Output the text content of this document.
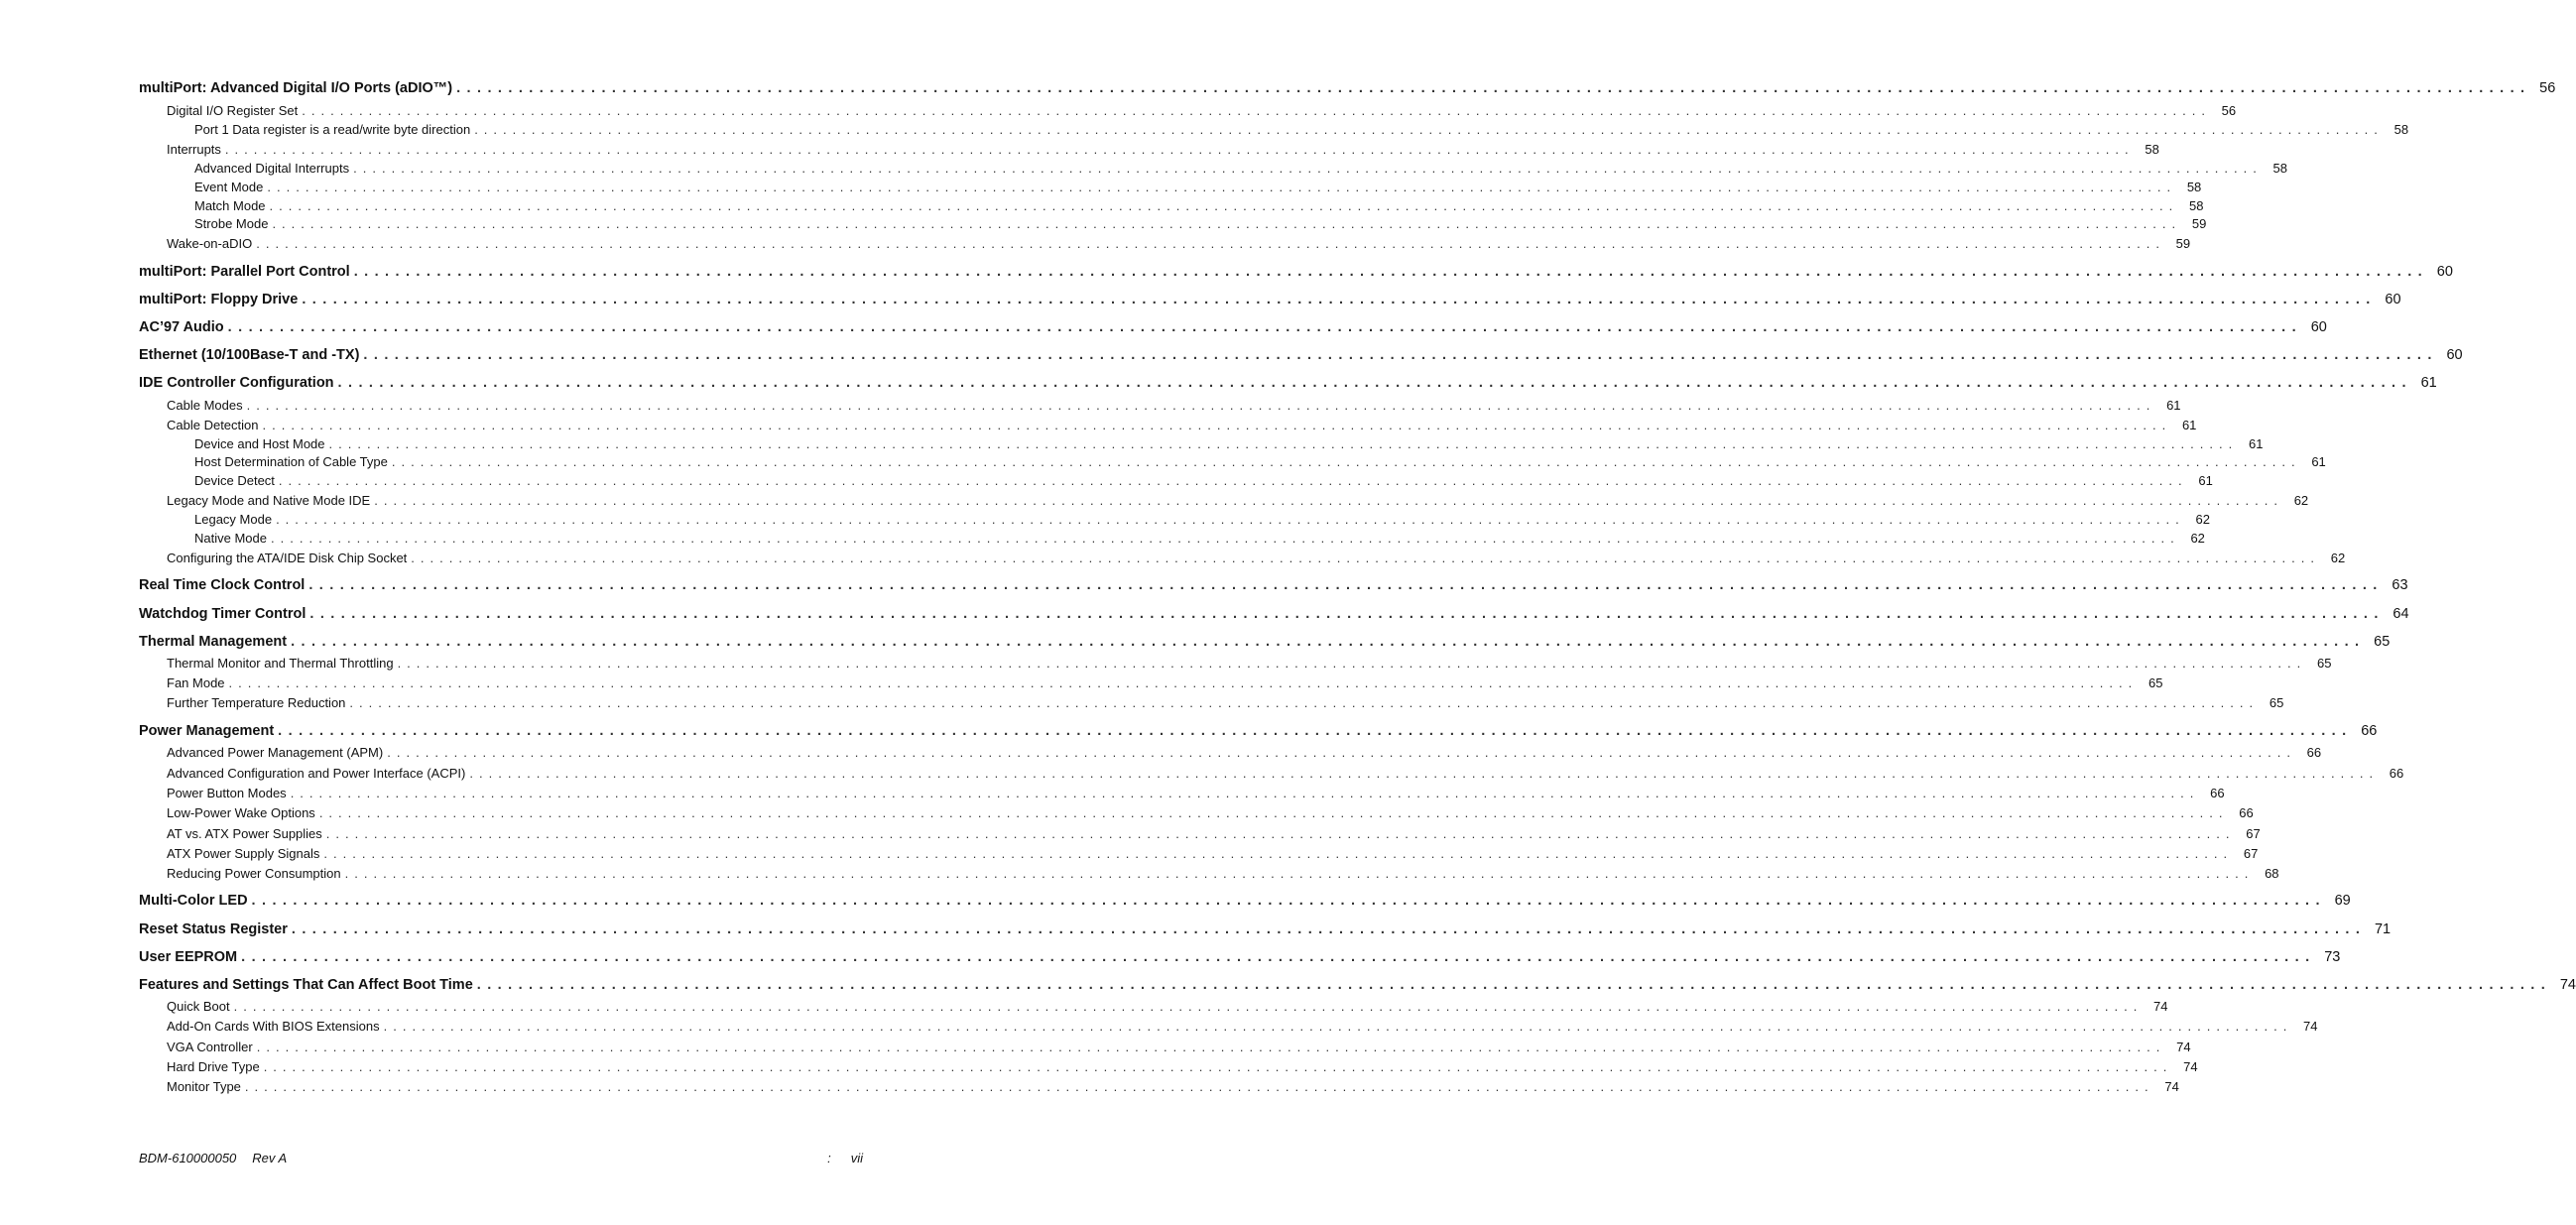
multiPort: Advanced Digital I/O Ports (aDIO™) . . . . . . . . . . . . . . . . . . . . . . . . . . . . . . . . . . . . . . . . . . . . . . . . . . . . . . . . . . . . . . . . . . . . . . . . . . . . . . . . . . . . . . . . . . . . . . . . . . . . . . . . . . . . . . . . . . . . . . . . . . . . . . . . . . . . . . . . . . . . . . . . . . . . . . . . . . . . . . . . . . . . . . . . . . . . . . . . . . . . . . . . . . . . . . . . . . . . . . . . 56
Digital I/O Register Set . . . . . . . . . . . . . . . . . . . . . . . . . . . . . . . . . . . . . . . . . . . . . . . . . . . . . . . . . . . . . . . . . . . . . . . . . . . . . . . . . . . . . . . . . . . . . . . . . . . . . . . . . . . . . . . . . . . . . . . . . . . . . . . . . . . . . . . . . . . . . . . . . . . . . . . . . . . . . . . . . . . . . . . . . . . . . . . . . . . . . . . . . . . . . . . . . . . . . . . .	56
Port 1 Data register is a read/write byte direction . . . . . . . . . . . . . . . . . . . . . . . . . . . . . . . . . . . . . . . . . . . . . . . . . . . . . . . . . . . . . . . . . . . . . . . . . . . . . . . . . . . . . . . . . . . . . . . . . . . . . . . . . . . . . . . . . . . . . . . . . . . . . . . . . . . . . . . . . . . . . . . . . . . . . . . . . . . . . . . . . . . . . . . . . . . . . . . . . . . . . . . . . . . . . . . . . . . . . . . .	58
Interrupts . . . . . . . . . . . . . . . . . . . . . . . . . . . . . . . . . . . . . . . . . . . . . . . . . . . . . . . . . . . . . . . . . . . . . . . . . . . . . . . . . . . . . . . . . . . . . . . . . . . . . . . . . . . . . . . . . . . . . . . . . . . . . . . . . . . . . . . . . . . . . . . . . . . . . . . . . . . . . . . . . . . . . . . . . . . . . . . . . . . . . . . . . . . . . . . . . . . . . . . .	58
Advanced Digital Interrupts . . . . . . . . . . . . . . . . . . . . . . . . . . . . . . . . . . . . . . . . . . . . . . . . . . . . . . . . . . . . . . . . . . . . . . . . . . . . . . . . . . . . . . . . . . . . . . . . . . . . . . . . . . . . . . . . . . . . . . . . . . . . . . . . . . . . . . . . . . . . . . . . . . . . . . . . . . . . . . . . . . . . . . . . . . . . . . . . . . . . . . . . . . . . . . . . . . . . . . . .	58
Event Mode . . . . . . . . . . . . . . . . . . . . . . . . . . . . . . . . . . . . . . . . . . . . . . . . . . . . . . . . . . . . . . . . . . . . . . . . . . . . . . . . . . . . . . . . . . . . . . . . . . . . . . . . . . . . . . . . . . . . . . . . . . . . . . . . . . . . . . . . . . . . . . . . . . . . . . . . . . . . . . . . . . . . . . . . . . . . . . . . . . . . . . . . . . . . . . . . . . . . . . . .	58
Match Mode . . . . . . . . . . . . . . . . . . . . . . . . . . . . . . . . . . . . . . . . . . . . . . . . . . . . . . . . . . . . . . . . . . . . . . . . . . . . . . . . . . . . . . . . . . . . . . . . . . . . . . . . . . . . . . . . . . . . . . . . . . . . . . . . . . . . . . . . . . . . . . . . . . . . . . . . . . . . . . . . . . . . . . . . . . . . . . . . . . . . . . . . . . . . . . . . . . . . . . . .	58
Strobe Mode . . . . . . . . . . . . . . . . . . . . . . . . . . . . . . . . . . . . . . . . . . . . . . . . . . . . . . . . . . . . . . . . . . . . . . . . . . . . . . . . . . . . . . . . . . . . . . . . . . . . . . . . . . . . . . . . . . . . . . . . . . . . . . . . . . . . . . . . . . . . . . . . . . . . . . . . . . . . . . . . . . . . . . . . . . . . . . . . . . . . . . . . . . . . . . . . . . . . . . . .	59
Wake-on-aDIO . . . . . . . . . . . . . . . . . . . . . . . . . . . . . . . . . . . . . . . . . . . . . . . . . . . . . . . . . . . . . . . . . . . . . . . . . . . . . . . . . . . . . . . . . . . . . . . . . . . . . . . . . . . . . . . . . . . . . . . . . . . . . . . . . . . . . . . . . . . . . . . . . . . . . . . . . . . . . . . . . . . . . . . . . . . . . . . . . . . . . . . . . . . . . . . . . . . . . . . .	59
multiPort: Parallel Port Control . . . . . . . . . . . . . . . . . . . . . . . . . . . . . . . . . . . . . . . . . . . . . . . . . . . . . . . . . . . . . . . . . . . . . . . . . . . . . . . . . . . . . . . . . . . . . . . . . . . . . . . . . . . . . . . . . . . . . . . . . . . . . . . . . . . . . . . . . . . . . . . . . . . . . . . . . . . . . . . . . . . . . . . . . . . . . . . . . . . . . . . . . . . . . . . . . . . . . . . . 60
multiPort: Floppy Drive . . . . . . . . . . . . . . . . . . . . . . . . . . . . . . . . . . . . . . . . . . . . . . . . . . . . . . . . . . . . . . . . . . . . . . . . . . . . . . . . . . . . . . . . . . . . . . . . . . . . . . . . . . . . . . . . . . . . . . . . . . . . . . . . . . . . . . . . . . . . . . . . . . . . . . . . . . . . . . . . . . . . . . . . . . . . . . . . . . . . . . . . . . . . . . . . . . . . . . . . 60
AC’97 Audio . . . . . . . . . . . . . . . . . . . . . . . . . . . . . . . . . . . . . . . . . . . . . . . . . . . . . . . . . . . . . . . . . . . . . . . . . . . . . . . . . . . . . . . . . . . . . . . . . . . . . . . . . . . . . . . . . . . . . . . . . . . . . . . . . . . . . . . . . . . . . . . . . . . . . . . . . . . . . . . . . . . . . . . . . . . . . . . . . . . . . . . . . . . . . . . . . . . . . . . . 60
Ethernet (10/100Base-T and -TX) . . . . . . . . . . . . . . . . . . . . . . . . . . . . . . . . . . . . . . . . . . . . . . . . . . . . . . . . . . . . . . . . . . . . . . . . . . . . . . . . . . . . . . . . . . . . . . . . . . . . . . . . . . . . . . . . . . . . . . . . . . . . . . . . . . . . . . . . . . . . . . . . . . . . . . . . . . . . . . . . . . . . . . . . . . . . . . . . . . . . . . . . . . . . . . . . . . . . . . . . 60
IDE Controller Configuration . . . . . . . . . . . . . . . . . . . . . . . . . . . . . . . . . . . . . . . . . . . . . . . . . . . . . . . . . . . . . . . . . . . . . . . . . . . . . . . . . . . . . . . . . . . . . . . . . . . . . . . . . . . . . . . . . . . . . . . . . . . . . . . . . . . . . . . . . . . . . . . . . . . . . . . . . . . . . . . . . . . . . . . . . . . . . . . . . . . . . . . . . . . . . . . . . . . . . . . . 61
Cable Modes . . . . . . . . . . . . . . . . . . . . . . . . . . . . . . . . . . . . . . . . . . . . . . . . . . . . . . . . . . . . . . . . . . . . . . . . . . . . . . . . . . . . . . . . . . . . . . . . . . . . . . . . . . . . . . . . . . . . . . . . . . . . . . . . . . . . . . . . . . . . . . . . . . . . . . . . . . . . . . . . . . . . . . . . . . . . . . . . . . . . . . . . . . . . . . . . . . . . . . . .	61
Cable Detection . . . . . . . . . . . . . . . . . . . . . . . . . . . . . . . . . . . . . . . . . . . . . . . . . . . . . . . . . . . . . . . . . . . . . . . . . . . . . . . . . . . . . . . . . . . . . . . . . . . . . . . . . . . . . . . . . . . . . . . . . . . . . . . . . . . . . . . . . . . . . . . . . . . . . . . . . . . . . . . . . . . . . . . . . . . . . . . . . . . . . . . . . . . . . . . . . . . . . . . .	61
Device and Host Mode . . . . . . . . . . . . . . . . . . . . . . . . . . . . . . . . . . . . . . . . . . . . . . . . . . . . . . . . . . . . . . . . . . . . . . . . . . . . . . . . . . . . . . . . . . . . . . . . . . . . . . . . . . . . . . . . . . . . . . . . . . . . . . . . . . . . . . . . . . . . . . . . . . . . . . . . . . . . . . . . . . . . . . . . . . . . . . . . . . . . . . . . . . . . . . . . . . . . . . . .	61
Host Determination of Cable Type . . . . . . . . . . . . . . . . . . . . . . . . . . . . . . . . . . . . . . . . . . . . . . . . . . . . . . . . . . . . . . . . . . . . . . . . . . . . . . . . . . . . . . . . . . . . . . . . . . . . . . . . . . . . . . . . . . . . . . . . . . . . . . . . . . . . . . . . . . . . . . . . . . . . . . . . . . . . . . . . . . . . . . . . . . . . . . . . . . . . . . . . . . . . . . . . . . . . . . . .	61
Device Detect . . . . . . . . . . . . . . . . . . . . . . . . . . . . . . . . . . . . . . . . . . . . . . . . . . . . . . . . . . . . . . . . . . . . . . . . . . . . . . . . . . . . . . . . . . . . . . . . . . . . . . . . . . . . . . . . . . . . . . . . . . . . . . . . . . . . . . . . . . . . . . . . . . . . . . . . . . . . . . . . . . . . . . . . . . . . . . . . . . . . . . . . . . . . . . . . . . . . . . . .	61
Legacy Mode and Native Mode IDE . . . . . . . . . . . . . . . . . . . . . . . . . . . . . . . . . . . . . . . . . . . . . . . . . . . . . . . . . . . . . . . . . . . . . . . . . . . . . . . . . . . . . . . . . . . . . . . . . . . . . . . . . . . . . . . . . . . . . . . . . . . . . . . . . . . . . . . . . . . . . . . . . . . . . . . . . . . . . . . . . . . . . . . . . . . . . . . . . . . . . . . . . . . . . . . . . . . . . . . .	62
Legacy Mode . . . . . . . . . . . . . . . . . . . . . . . . . . . . . . . . . . . . . . . . . . . . . . . . . . . . . . . . . . . . . . . . . . . . . . . . . . . . . . . . . . . . . . . . . . . . . . . . . . . . . . . . . . . . . . . . . . . . . . . . . . . . . . . . . . . . . . . . . . . . . . . . . . . . . . . . . . . . . . . . . . . . . . . . . . . . . . . . . . . . . . . . . . . . . . . . . . . . . . . .	62
Native Mode . . . . . . . . . . . . . . . . . . . . . . . . . . . . . . . . . . . . . . . . . . . . . . . . . . . . . . . . . . . . . . . . . . . . . . . . . . . . . . . . . . . . . . . . . . . . . . . . . . . . . . . . . . . . . . . . . . . . . . . . . . . . . . . . . . . . . . . . . . . . . . . . . . . . . . . . . . . . . . . . . . . . . . . . . . . . . . . . . . . . . . . . . . . . . . . . . . . . . . . .	62
Configuring the ATA/IDE Disk Chip Socket . . . . . . . . . . . . . . . . . . . . . . . . . . . . . . . . . . . . . . . . . . . . . . . . . . . . . . . . . . . . . . . . . . . . . . . . . . . . . . . . . . . . . . . . . . . . . . . . . . . . . . . . . . . . . . . . . . . . . . . . . . . . . . . . . . . . . . . . . . . . . . . . . . . . . . . . . . . . . . . . . . . . . . . . . . . . . . . . . . . . . . . . . . . . . . . . . . . . . . . .	62
Real Time Clock Control . . . . . . . . . . . . . . . . . . . . . . . . . . . . . . . . . . . . . . . . . . . . . . . . . . . . . . . . . . . . . . . . . . . . . . . . . . . . . . . . . . . . . . . . . . . . . . . . . . . . . . . . . . . . . . . . . . . . . . . . . . . . . . . . . . . . . . . . . . . . . . . . . . . . . . . . . . . . . . . . . . . . . . . . . . . . . . . . . . . . . . . . . . . . . . . . . . . . . . . . 63
Watchdog Timer Control . . . . . . . . . . . . . . . . . . . . . . . . . . . . . . . . . . . . . . . . . . . . . . . . . . . . . . . . . . . . . . . . . . . . . . . . . . . . . . . . . . . . . . . . . . . . . . . . . . . . . . . . . . . . . . . . . . . . . . . . . . . . . . . . . . . . . . . . . . . . . . . . . . . . . . . . . . . . . . . . . . . . . . . . . . . . . . . . . . . . . . . . . . . . . . . . . . . . . . . . 64
Thermal Management . . . . . . . . . . . . . . . . . . . . . . . . . . . . . . . . . . . . . . . . . . . . . . . . . . . . . . . . . . . . . . . . . . . . . . . . . . . . . . . . . . . . . . . . . . . . . . . . . . . . . . . . . . . . . . . . . . . . . . . . . . . . . . . . . . . . . . . . . . . . . . . . . . . . . . . . . . . . . . . . . . . . . . . . . . . . . . . . . . . . . . . . . . . . . . . . . . . . . . . . 65
Thermal Monitor and Thermal Throttling . . . . . . . . . . . . . . . . . . . . . . . . . . . . . . . . . . . . . . . . . . . . . . . . . . . . . . . . . . . . . . . . . . . . . . . . . . . . . . . . . . . . . . . . . . . . . . . . . . . . . . . . . . . . . . . . . . . . . . . . . . . . . . . . . . . . . . . . . . . . . . . . . . . . . . . . . . . . . . . . . . . . . . . . . . . . . . . . . . . . . . . . . . . . . . . . . . . . . . . .	65
Fan Mode . . . . . . . . . . . . . . . . . . . . . . . . . . . . . . . . . . . . . . . . . . . . . . . . . . . . . . . . . . . . . . . . . . . . . . . . . . . . . . . . . . . . . . . . . . . . . . . . . . . . . . . . . . . . . . . . . . . . . . . . . . . . . . . . . . . . . . . . . . . . . . . . . . . . . . . . . . . . . . . . . . . . . . . . . . . . . . . . . . . . . . . . . . . . . . . . . . . . . . . .	65
Further Temperature Reduction . . . . . . . . . . . . . . . . . . . . . . . . . . . . . . . . . . . . . . . . . . . . . . . . . . . . . . . . . . . . . . . . . . . . . . . . . . . . . . . . . . . . . . . . . . . . . . . . . . . . . . . . . . . . . . . . . . . . . . . . . . . . . . . . . . . . . . . . . . . . . . . . . . . . . . . . . . . . . . . . . . . . . . . . . . . . . . . . . . . . . . . . . . . . . . . . . . . . . . . .	65
Power Management . . . . . . . . . . . . . . . . . . . . . . . . . . . . . . . . . . . . . . . . . . . . . . . . . . . . . . . . . . . . . . . . . . . . . . . . . . . . . . . . . . . . . . . . . . . . . . . . . . . . . . . . . . . . . . . . . . . . . . . . . . . . . . . . . . . . . . . . . . . . . . . . . . . . . . . . . . . . . . . . . . . . . . . . . . . . . . . . . . . . . . . . . . . . . . . . . . . . . . . . 66
Advanced Power Management (APM) . . . . . . . . . . . . . . . . . . . . . . . . . . . . . . . . . . . . . . . . . . . . . . . . . . . . . . . . . . . . . . . . . . . . . . . . . . . . . . . . . . . . . . . . . . . . . . . . . . . . . . . . . . . . . . . . . . . . . . . . . . . . . . . . . . . . . . . . . . . . . . . . . . . . . . . . . . . . . . . . . . . . . . . . . . . . . . . . . . . . . . . . . . . . . . . . . . . . . . . .	66
Advanced Configuration and Power Interface (ACPI) . . . . . . . . . . . . . . . . . . . . . . . . . . . . . . . . . . . . . . . . . . . . . . . . . . . . . . . . . . . . . . . . . . . . . . . . . . . . . . . . . . . . . . . . . . . . . . . . . . . . . . . . . . . . . . . . . . . . . . . . . . . . . . . . . . . . . . . . . . . . . . . . . . . . . . . . . . . . . . . . . . . . . . . . . . . . . . . . . . . . . . . . . . . . . . . . . . . . . . . .	66
Power Button Modes . . . . . . . . . . . . . . . . . . . . . . . . . . . . . . . . . . . . . . . . . . . . . . . . . . . . . . . . . . . . . . . . . . . . . . . . . . . . . . . . . . . . . . . . . . . . . . . . . . . . . . . . . . . . . . . . . . . . . . . . . . . . . . . . . . . . . . . . . . . . . . . . . . . . . . . . . . . . . . . . . . . . . . . . . . . . . . . . . . . . . . . . . . . . . . . . . . . . . . . .	66
Low-Power Wake Options . . . . . . . . . . . . . . . . . . . . . . . . . . . . . . . . . . . . . . . . . . . . . . . . . . . . . . . . . . . . . . . . . . . . . . . . . . . . . . . . . . . . . . . . . . . . . . . . . . . . . . . . . . . . . . . . . . . . . . . . . . . . . . . . . . . . . . . . . . . . . . . . . . . . . . . . . . . . . . . . . . . . . . . . . . . . . . . . . . . . . . . . . . . . . . . . . . . . . . . .	66
AT vs. ATX Power Supplies . . . . . . . . . . . . . . . . . . . . . . . . . . . . . . . . . . . . . . . . . . . . . . . . . . . . . . . . . . . . . . . . . . . . . . . . . . . . . . . . . . . . . . . . . . . . . . . . . . . . . . . . . . . . . . . . . . . . . . . . . . . . . . . . . . . . . . . . . . . . . . . . . . . . . . . . . . . . . . . . . . . . . . . . . . . . . . . . . . . . . . . . . . . . . . . . . . . . . . . .	67
ATX Power Supply Signals . . . . . . . . . . . . . . . . . . . . . . . . . . . . . . . . . . . . . . . . . . . . . . . . . . . . . . . . . . . . . . . . . . . . . . . . . . . . . . . . . . . . . . . . . . . . . . . . . . . . . . . . . . . . . . . . . . . . . . . . . . . . . . . . . . . . . . . . . . . . . . . . . . . . . . . . . . . . . . . . . . . . . . . . . . . . . . . . . . . . . . . . . . . . . . . . . . . . . . . .	67
Reducing Power Consumption . . . . . . . . . . . . . . . . . . . . . . . . . . . . . . . . . . . . . . . . . . . . . . . . . . . . . . . . . . . . . . . . . . . . . . . . . . . . . . . . . . . . . . . . . . . . . . . . . . . . . . . . . . . . . . . . . . . . . . . . . . . . . . . . . . . . . . . . . . . . . . . . . . . . . . . . . . . . . . . . . . . . . . . . . . . . . . . . . . . . . . . . . . . . . . . . . . . . . . . .	68
Multi-Color LED . . . . . . . . . . . . . . . . . . . . . . . . . . . . . . . . . . . . . . . . . . . . . . . . . . . . . . . . . . . . . . . . . . . . . . . . . . . . . . . . . . . . . . . . . . . . . . . . . . . . . . . . . . . . . . . . . . . . . . . . . . . . . . . . . . . . . . . . . . . . . . . . . . . . . . . . . . . . . . . . . . . . . . . . . . . . . . . . . . . . . . . . . . . . . . . . . . . . . . . . 69
Reset Status Register . . . . . . . . . . . . . . . . . . . . . . . . . . . . . . . . . . . . . . . . . . . . . . . . . . . . . . . . . . . . . . . . . . . . . . . . . . . . . . . . . . . . . . . . . . . . . . . . . . . . . . . . . . . . . . . . . . . . . . . . . . . . . . . . . . . . . . . . . . . . . . . . . . . . . . . . . . . . . . . . . . . . . . . . . . . . . . . . . . . . . . . . . . . . . . . . . . . . . . . . 71
User EEPROM . . . . . . . . . . . . . . . . . . . . . . . . . . . . . . . . . . . . . . . . . . . . . . . . . . . . . . . . . . . . . . . . . . . . . . . . . . . . . . . . . . . . . . . . . . . . . . . . . . . . . . . . . . . . . . . . . . . . . . . . . . . . . . . . . . . . . . . . . . . . . . . . . . . . . . . . . . . . . . . . . . . . . . . . . . . . . . . . . . . . . . . . . . . . . . . . . . . . . . . . 73
Features and Settings That Can Affect Boot Time . . . . . . . . . . . . . . . . . . . . . . . . . . . . . . . . . . . . . . . . . . . . . . . . . . . . . . . . . . . . . . . . . . . . . . . . . . . . . . . . . . . . . . . . . . . . . . . . . . . . . . . . . . . . . . . . . . . . . . . . . . . . . . . . . . . . . . . . . . . . . . . . . . . . . . . . . . . . . . . . . . . . . . . . . . . . . . . . . . . . . . . . . . . . . . . . . . . . . . . . 74
Quick Boot . . . . . . . . . . . . . . . . . . . . . . . . . . . . . . . . . . . . . . . . . . . . . . . . . . . . . . . . . . . . . . . . . . . . . . . . . . . . . . . . . . . . . . . . . . . . . . . . . . . . . . . . . . . . . . . . . . . . . . . . . . . . . . . . . . . . . . . . . . . . . . . . . . . . . . . . . . . . . . . . . . . . . . . . . . . . . . . . . . . . . . . . . . . . . . . . . . . . . . . .	74
Add-On Cards With BIOS Extensions . . . . . . . . . . . . . . . . . . . . . . . . . . . . . . . . . . . . . . . . . . . . . . . . . . . . . . . . . . . . . . . . . . . . . . . . . . . . . . . . . . . . . . . . . . . . . . . . . . . . . . . . . . . . . . . . . . . . . . . . . . . . . . . . . . . . . . . . . . . . . . . . . . . . . . . . . . . . . . . . . . . . . . . . . . . . . . . . . . . . . . . . . . . . . . . . . . . . . . . .	74
VGA Controller . . . . . . . . . . . . . . . . . . . . . . . . . . . . . . . . . . . . . . . . . . . . . . . . . . . . . . . . . . . . . . . . . . . . . . . . . . . . . . . . . . . . . . . . . . . . . . . . . . . . . . . . . . . . . . . . . . . . . . . . . . . . . . . . . . . . . . . . . . . . . . . . . . . . . . . . . . . . . . . . . . . . . . . . . . . . . . . . . . . . . . . . . . . . . . . . . . . . . . . .	74
Hard Drive Type . . . . . . . . . . . . . . . . . . . . . . . . . . . . . . . . . . . . . . . . . . . . . . . . . . . . . . . . . . . . . . . . . . . . . . . . . . . . . . . . . . . . . . . . . . . . . . . . . . . . . . . . . . . . . . . . . . . . . . . . . . . . . . . . . . . . . . . . . . . . . . . . . . . . . . . . . . . . . . . . . . . . . . . . . . . . . . . . . . . . . . . . . . . . . . . . . . . . . . . .	74
Monitor Type . . . . . . . . . . . . . . . . . . . . . . . . . . . . . . . . . . . . . . . . . . . . . . . . . . . . . . . . . . . . . . . . . . . . . . . . . . . . . . . . . . . . . . . . . . . . . . . . . . . . . . . . . . . . . . . . . . . . . . . . . . . . . . . . . . . . . . . . . . . . . . . . . . . . . . . . . . . . . . . . . . . . . . . . . . . . . . . . . . . . . . . . . . . . . . . . . . . . . . . .	74
BDM-610000050 Rev A	: vii
